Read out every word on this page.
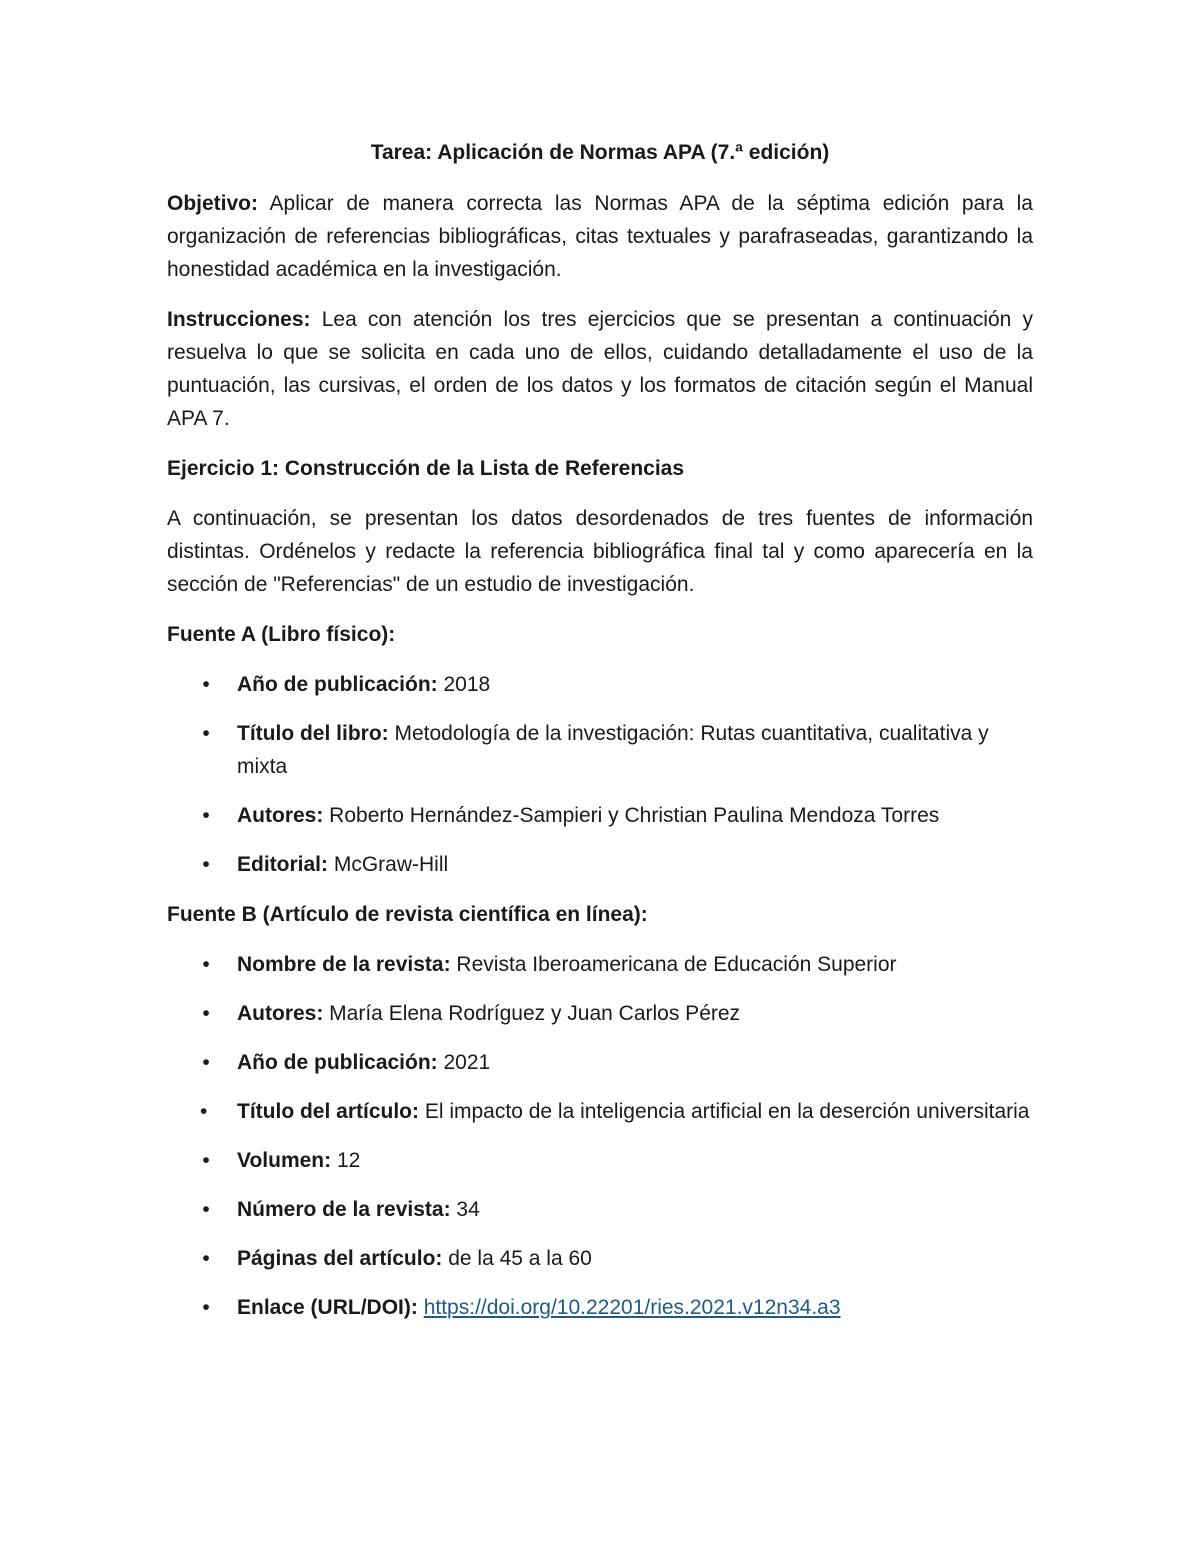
Tarea: Aplicación de Normas APA (7.ª edición)

Objetivo: Aplicar de manera correcta las Normas APA de la séptima edición para la organización de referencias bibliográficas, citas textuales y parafraseadas, garantizando la honestidad académica en la investigación.

Instrucciones: Lea con atención los tres ejercicios que se presentan a continuación y resuelva lo que se solicita en cada uno de ellos, cuidando detalladamente el uso de la puntuación, las cursivas, el orden de los datos y los formatos de citación según el Manual APA 7.

Ejercicio 1: Construcción de la Lista de Referencias

A continuación, se presentan los datos desordenados de tres fuentes de información distintas. Ordénelos y redacte la referencia bibliográfica final tal y como aparecería en la sección de "Referencias" de un estudio de investigación.

Fuente A (Libro físico):
• Año de publicación: 2018
• Título del libro: Metodología de la investigación: Rutas cuantitativa, cualitativa y mixta
• Autores: Roberto Hernández-Sampieri y Christian Paulina Mendoza Torres
• Editorial: McGraw-Hill
Fuente B (Artículo de revista científica en línea):
• Nombre de la revista: Revista Iberoamericana de Educación Superior
• Autores: María Elena Rodríguez y Juan Carlos Pérez
• Año de publicación: 2021
• Título del artículo: El impacto de la inteligencia artificial en la deserción universitaria
• Volumen: 12
• Número de la revista: 34
• Páginas del artículo: de la 45 a la 60
• Enlace (URL/DOI): https://doi.org/10.22201/ries.2021.v12n34.a3
